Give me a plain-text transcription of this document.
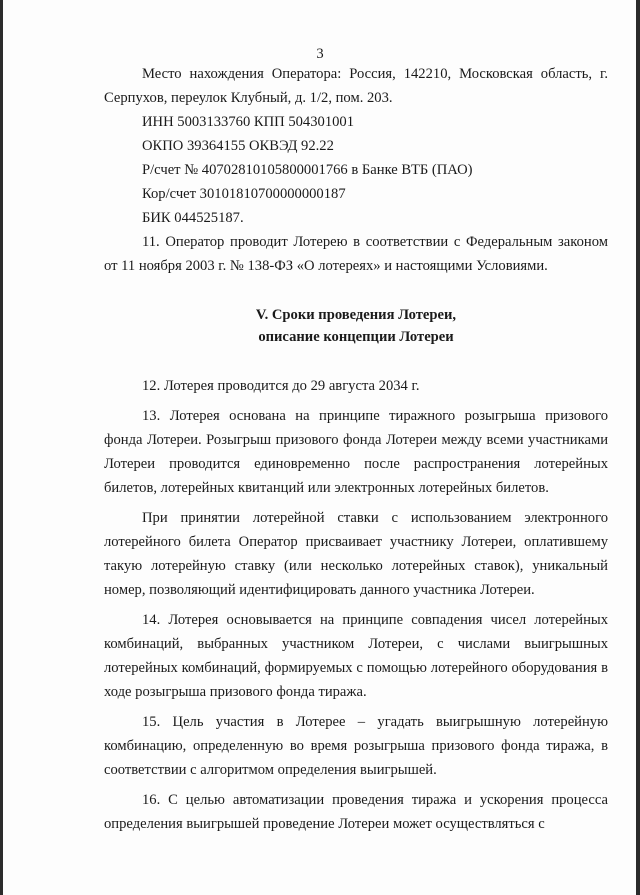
3

Место нахождения Оператора: Россия, 142210, Московская область, г. Серпухов, переулок Клубный, д. 1/2, пом. 203.

ИНН 5003133760 КПП 504301001

ОКПО 39364155 ОКВЭД 92.22

Р/счет № 40702810105800001766 в Банке ВТБ (ПАО)

Кор/счет 30101810700000000187

БИК 044525187.

11. Оператор проводит Лотерею в соответствии с Федеральным законом от 11 ноября 2003 г. № 138-ФЗ «О лотереях» и настоящими Условиями.

V. Сроки проведения Лотереи,
описание концепции Лотереи

12. Лотерея проводится до 29 августа 2034 г.

13. Лотерея основана на принципе тиражного розыгрыша призового фонда Лотереи. Розыгрыш призового фонда Лотереи между всеми участниками Лотереи проводится единовременно после распространения лотерейных билетов, лотерейных квитанций или электронных лотерейных билетов.

При принятии лотерейной ставки с использованием электронного лотерейного билета Оператор присваивает участнику Лотереи, оплатившему такую лотерейную ставку (или несколько лотерейных ставок), уникальный номер, позволяющий идентифицировать данного участника Лотереи.

14. Лотерея основывается на принципе совпадения чисел лотерейных комбинаций, выбранных участником Лотереи, с числами выигрышных лотерейных комбинаций, формируемых с помощью лотерейного оборудования в ходе розыгрыша призового фонда тиража.

15. Цель участия в Лотерее – угадать выигрышную лотерейную комбинацию, определенную во время розыгрыша призового фонда тиража, в соответствии с алгоритмом определения выигрышей.

16. С целью автоматизации проведения тиража и ускорения процесса определения выигрышей проведение Лотереи может осуществляться с
